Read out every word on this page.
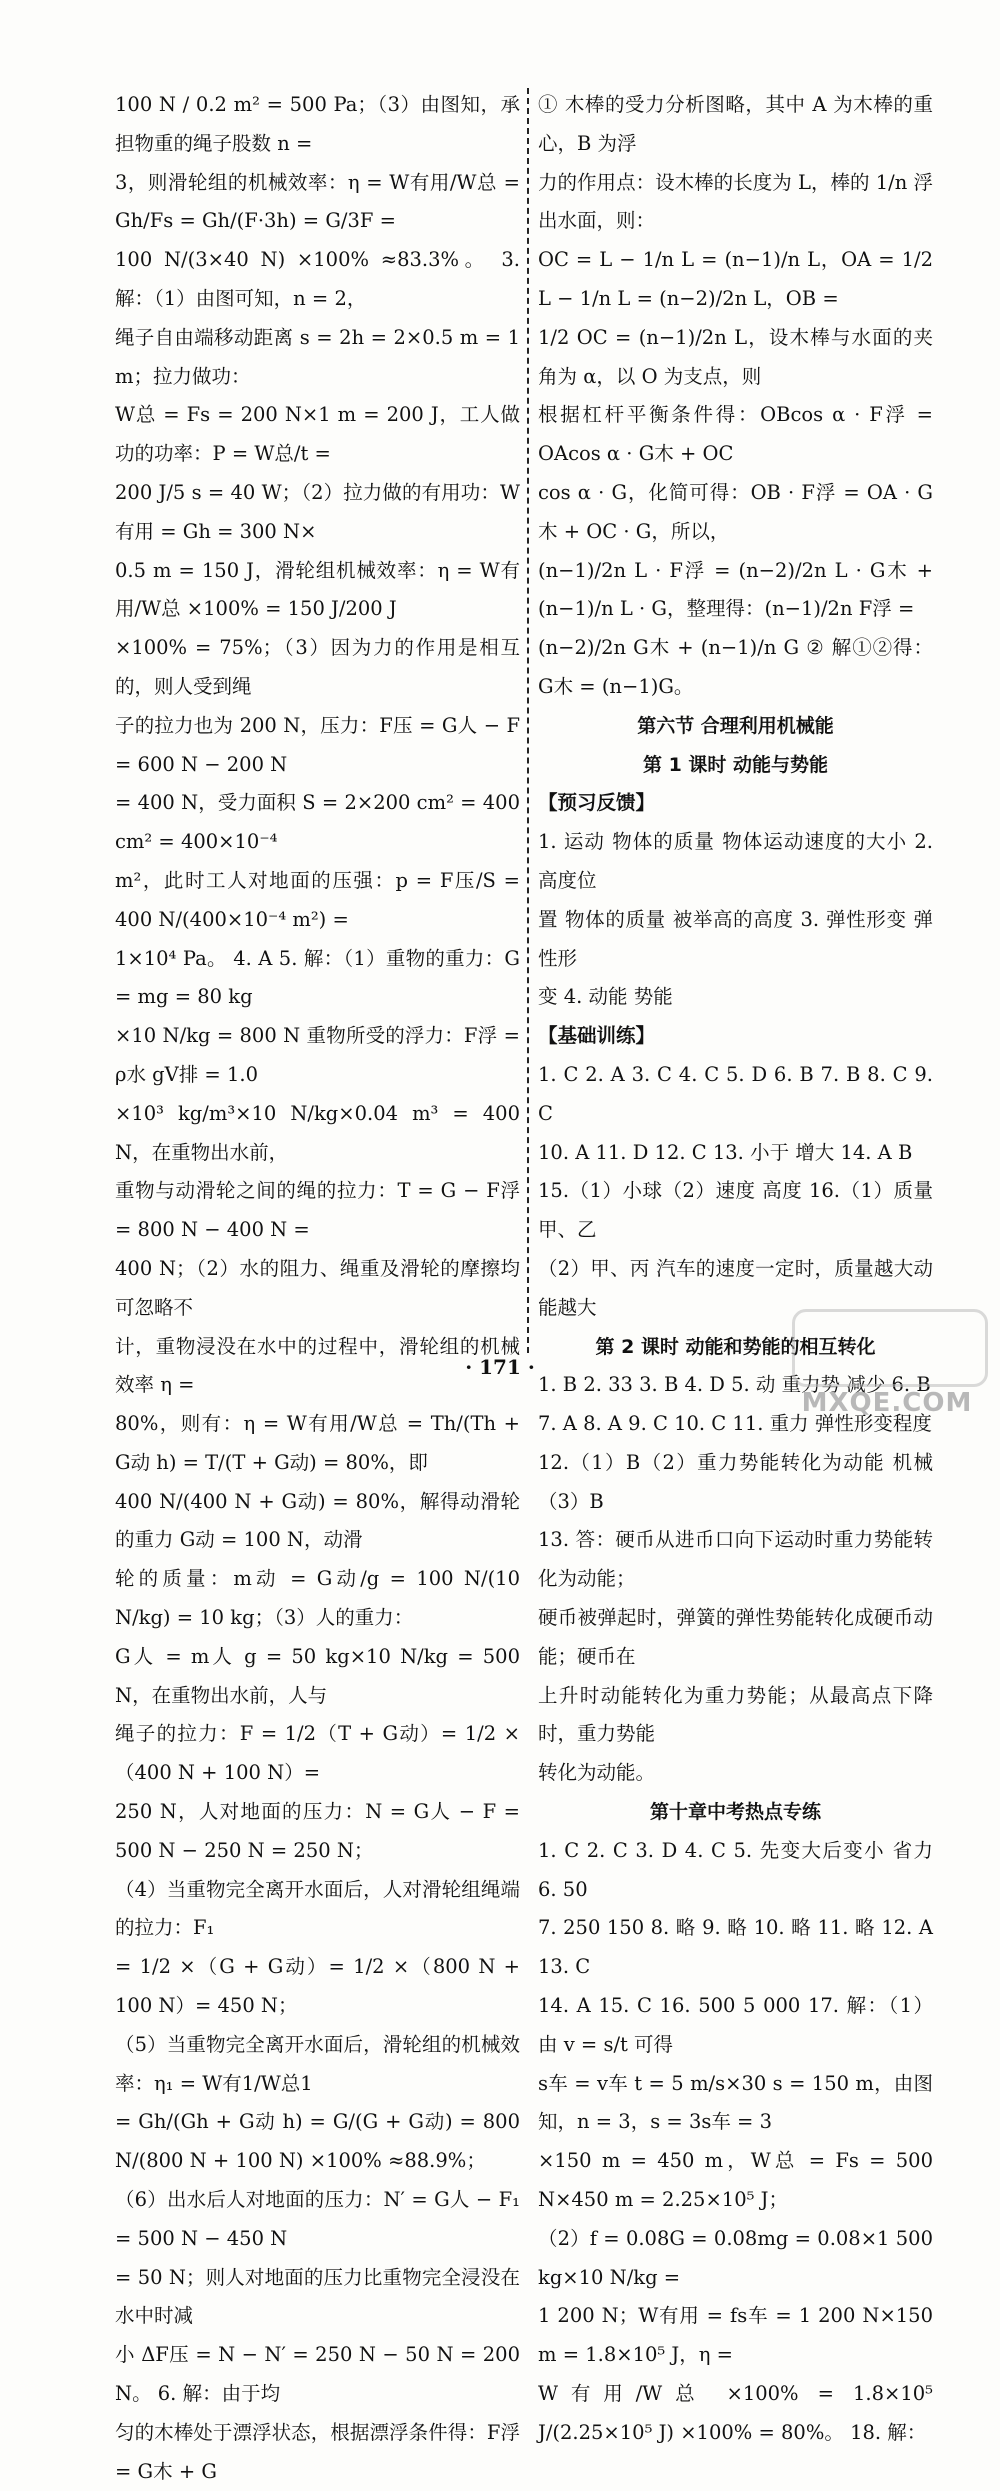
100 N / 0.2 m² = 500 Pa；（3）由图知，承担物重的绳子股数 n =
3，则滑轮组的机械效率：η = W有用/W总 = Gh/Fs = Gh/(F·3h) = G/3F =
100 N/(3×40 N) ×100% ≈83.3%。 3. 解：（1）由图可知，n = 2，
绳子自由端移动距离 s = 2h = 2×0.5 m = 1 m；拉力做功：
W总 = Fs = 200 N×1 m = 200 J，工人做功的功率：P = W总/t =
200 J/5 s = 40 W；（2）拉力做的有用功：W有用 = Gh = 300 N×
0.5 m = 150 J，滑轮组机械效率：η = W有用/W总 ×100% = 150 J/200 J
×100% = 75%；（3）因为力的作用是相互的，则人受到绳
子的拉力也为 200 N，压力：F压 = G人 − F = 600 N − 200 N
= 400 N，受力面积 S = 2×200 cm² = 400 cm² = 400×10⁻⁴
m²，此时工人对地面的压强：p = F压/S = 400 N/(400×10⁻⁴ m²) =
1×10⁴ Pa。 4. A 5. 解：（1）重物的重力：G = mg = 80 kg
×10 N/kg = 800 N 重物所受的浮力：F浮 = ρ水 gV排 = 1.0
×10³ kg/m³×10 N/kg×0.04 m³ = 400 N，在重物出水前，
重物与动滑轮之间的绳的拉力：T = G − F浮 = 800 N − 400 N =
400 N；（2）水的阻力、绳重及滑轮的摩擦均可忽略不
计，重物浸没在水中的过程中，滑轮组的机械效率 η =
80%，则有：η = W有用/W总 = Th/(Th + G动 h) = T/(T + G动) = 80%，即
400 N/(400 N + G动) = 80%，解得动滑轮的重力 G动 = 100 N，动滑
轮的质量：m动 = G动/g = 100 N/(10 N/kg) = 10 kg；（3）人的重力：
G人 = m人 g = 50 kg×10 N/kg = 500 N，在重物出水前，人与
绳子的拉力：F = 1/2（T + G动）= 1/2 ×（400 N + 100 N）=
250 N，人对地面的压力：N = G人 − F = 500 N − 250 N = 250 N；
（4）当重物完全离开水面后，人对滑轮组绳端的拉力：F₁
= 1/2 ×（G + G动）= 1/2 ×（800 N + 100 N）= 450 N；
（5）当重物完全离开水面后，滑轮组的机械效率：η₁ = W有1/W总1
= Gh/(Gh + G动 h) = G/(G + G动) = 800 N/(800 N + 100 N) ×100% ≈88.9%；
（6）出水后人对地面的压力：N′ = G人 − F₁ = 500 N − 450 N
= 50 N；则人对地面的压力比重物完全浸没在水中时减
小 ΔF压 = N − N′ = 250 N − 50 N = 200 N。 6. 解：由于均
匀的木棒处于漂浮状态，根据漂浮条件得：F浮 = G木 + G
① 木棒的受力分析图略，其中 A 为木棒的重心，B 为浮
力的作用点：设木棒的长度为 L，棒的 1/n 浮出水面，则：
OC = L − 1/n L = (n−1)/n L，OA = 1/2 L − 1/n L = (n−2)/2n L，OB =
1/2 OC = (n−1)/2n L，设木棒与水面的夹角为 α，以 O 为支点，则
根据杠杆平衡条件得：OBcos α · F浮 = OAcos α · G木 + OC
cos α · G，化简可得：OB · F浮 = OA · G木 + OC · G，所以，
(n−1)/2n L · F浮 = (n−2)/2n L · G木 + (n−1)/n L · G，整理得：(n−1)/2n F浮 =
(n−2)/2n G木 + (n−1)/n G ② 解①②得：G木 = (n−1)G。
第六节 合理利用机械能
第 1 课时 动能与势能
【预习反馈】
1. 运动 物体的质量 物体运动速度的大小 2. 高度位
置 物体的质量 被举高的高度 3. 弹性形变 弹性形
变 4. 动能 势能
【基础训练】
1. C 2. A 3. C 4. C 5. D 6. B 7. B 8. C 9. C
10. A 11. D 12. C 13. 小于 增大 14. A B
15.（1）小球（2）速度 高度 16.（1）质量 甲、乙
（2）甲、丙 汽车的速度一定时，质量越大动能越大
第 2 课时 动能和势能的相互转化
1. B 2. 33 3. B 4. D 5. 动 重力势 减少 6. B
7. A 8. A 9. C 10. C 11. 重力 弹性形变程度
12.（1）B（2）重力势能转化为动能 机械（3）B
13. 答：硬币从进币口向下运动时重力势能转化为动能；
硬币被弹起时，弹簧的弹性势能转化成硬币动能；硬币在
上升时动能转化为重力势能；从最高点下降时，重力势能
转化为动能。
第十章中考热点专练
1. C 2. C 3. D 4. C 5. 先变大后变小 省力 6. 50
7. 250 150 8. 略 9. 略 10. 略 11. 略 12. A 13. C
14. A 15. C 16. 500 5 000 17. 解：（1）由 v = s/t 可得
s车 = v车 t = 5 m/s×30 s = 150 m，由图知，n = 3，s = 3s车 = 3
×150 m = 450 m，W总 = Fs = 500 N×450 m = 2.25×10⁵ J；
（2）f = 0.08G = 0.08mg = 0.08×1 500 kg×10 N/kg =
1 200 N；W有用 = fs车 = 1 200 N×150 m = 1.8×10⁵ J，η =
W有用/W总 ×100% = 1.8×10⁵ J/(2.25×10⁵ J) ×100% = 80%。 18. 解：
· 171 ·
MXQE.COM
